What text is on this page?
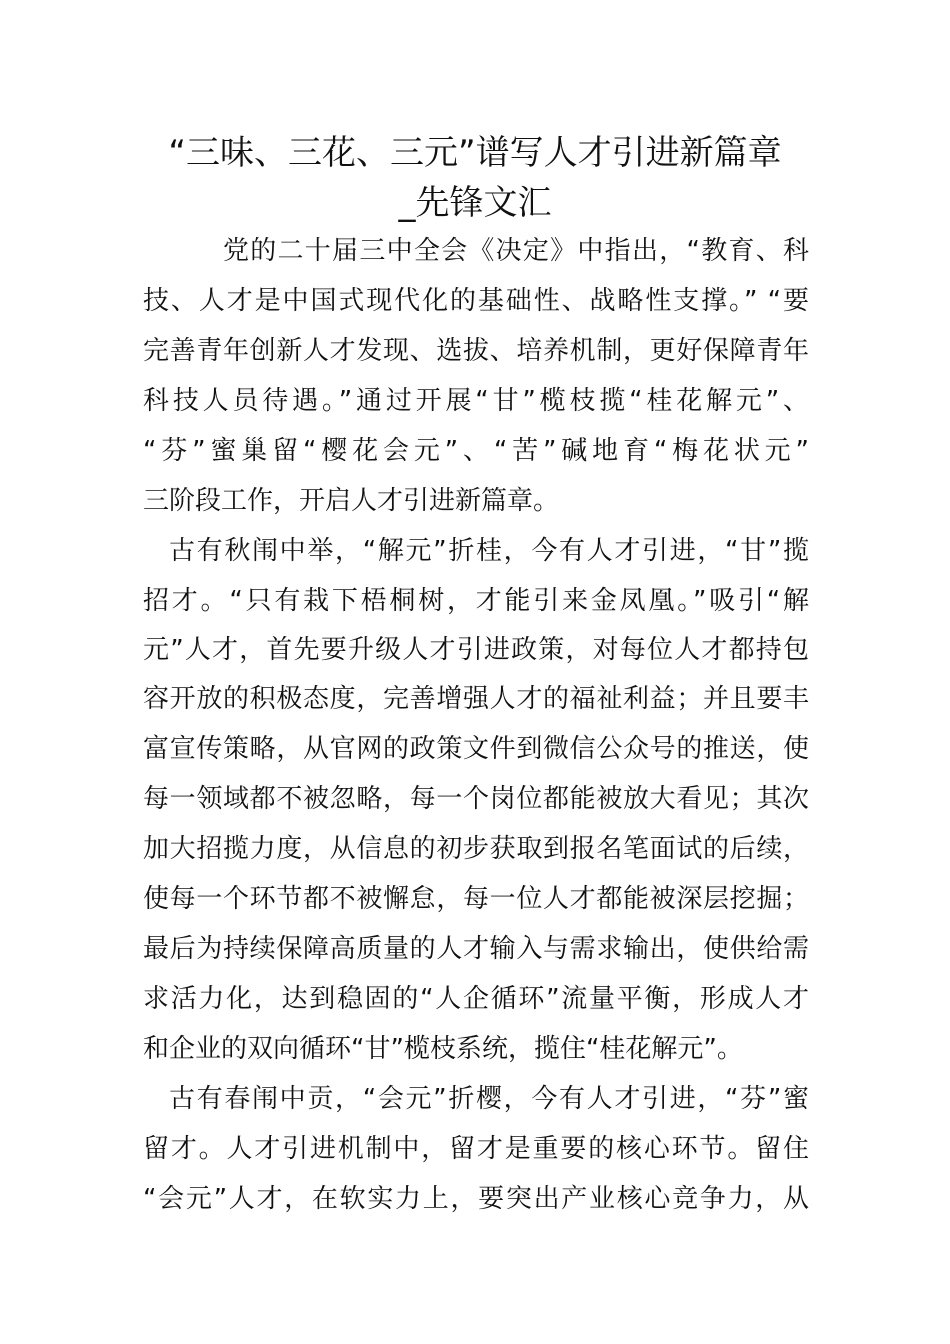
“三味、三花、三元”谱写人才引进新篇章
_先锋文汇

党的二十届三中全会《决定》中指出，“教育、科

技、人才是中国式现代化的基础性、战略性支撑。” “要

完善青年创新人才发现、选拔、培养机制，更好保障青年

科技人员待遇。”通过开展“甘”榄枝揽“桂花解元”、

“芬”蜜巢留“樱花会元”、“苦”碱地育“梅花状元”

三阶段工作，开启人才引进新篇章。

古有秋闱中举，“解元”折桂，今有人才引进，“甘”揽

招才。“只有栽下梧桐树，才能引来金凤凰。”吸引“解

元”人才，首先要升级人才引进政策，对每位人才都持包

容开放的积极态度，完善增强人才的福祉利益；并且要丰

富宣传策略，从官网的政策文件到微信公众号的推送，使

每一领域都不被忽略，每一个岗位都能被放大看见；其次

加大招揽力度，从信息的初步获取到报名笔面试的后续，

使每一个环节都不被懈怠，每一位人才都能被深层挖掘；

最后为持续保障高质量的人才输入与需求输出，使供给需

求活力化，达到稳固的“人企循环”流量平衡，形成人才

和企业的双向循环“甘”榄枝系统，揽住“桂花解元”。

古有春闱中贡，“会元”折樱，今有人才引进，“芬”蜜

留才。人才引进机制中，留才是重要的核心环节。留住

“会元”人才，在软实力上，要突出产业核心竞争力，从
